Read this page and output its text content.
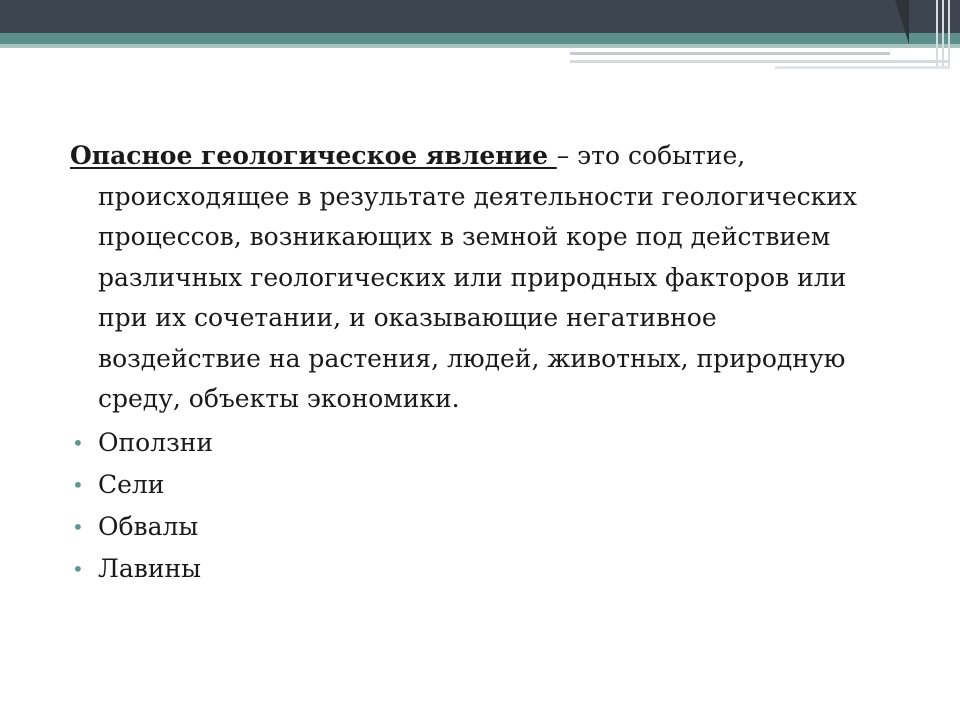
Опасное геологическое явление – это событие, происходящее в результате деятельности геологических процессов, возникающих в земной коре под действием различных геологических или природных факторов или при их сочетании, и оказывающие негативное воздействие на растения, людей, животных, природную среду, объекты экономики.

• Оползни
• Сели
• Обвалы
• Лавины
